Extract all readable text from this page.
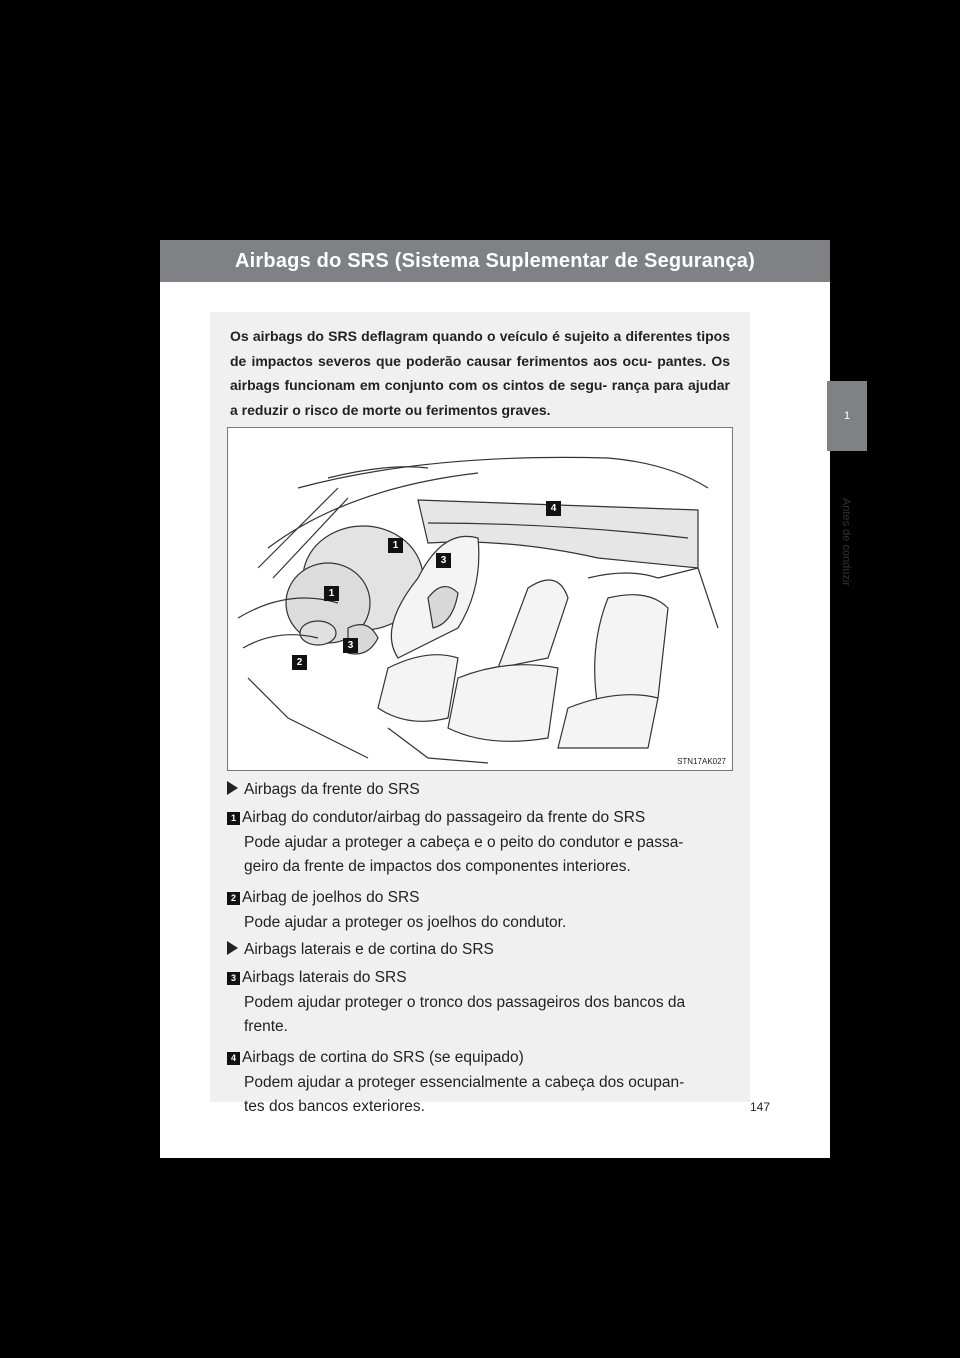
Airbags do SRS (Sistema Suplementar de Segurança)
1
Antes de conduzir
Os airbags do SRS deflagram quando o veículo é sujeito a diferentes tipos de impactos severos que poderão causar ferimentos aos ocu- pantes. Os airbags funcionam em conjunto com os cintos de segu- rança para ajudar a reduzir o risco de morte ou ferimentos graves.
1
1
2
3
3
4
STN17AK027
Airbags da frente do SRS
1 Airbag do condutor/airbag do passageiro da frente do SRS
Pode ajudar a proteger a cabeça e o peito do condutor e passa-
geiro da frente de impactos dos componentes interiores.
2 Airbag de joelhos do SRS
Pode ajudar a proteger os joelhos do condutor.
Airbags laterais e de cortina do SRS
3 Airbags laterais do SRS
Podem ajudar proteger o tronco dos passageiros dos bancos da
frente.
4 Airbags de cortina do SRS (se equipado)
Podem ajudar a proteger essencialmente a cabeça dos ocupan-
tes dos bancos exteriores.	147
